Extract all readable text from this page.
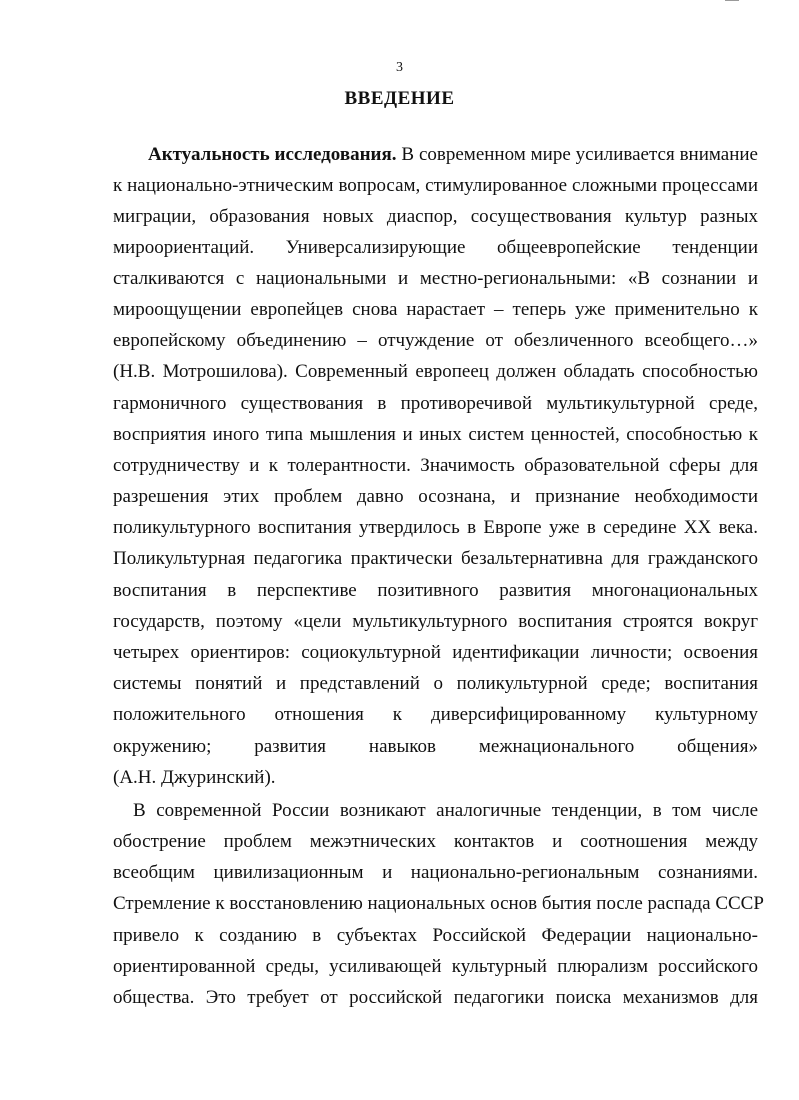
3
ВВЕДЕНИЕ
Актуальность исследования. В современном мире усиливается внимание
к национально-этническим вопросам, стимулированное сложными процессами
миграции, образования новых диаспор, сосуществования культур разных
мироориентаций. Универсализирующие общеевропейские тенденции
сталкиваются с национальными и местно-региональными: «В сознании и
мироощущении европейцев снова нарастает – теперь уже применительно к
европейскому объединению – отчуждение от обезличенного всеобщего…»
(Н.В. Мотрошилова). Современный европеец должен обладать способностью
гармоничного существования в противоречивой мультикультурной среде,
восприятия иного типа мышления и иных систем ценностей, способностью к
сотрудничеству и к толерантности. Значимость образовательной сферы для
разрешения этих проблем давно осознана, и признание необходимости
поликультурного воспитания утвердилось в Европе уже в середине XX века.
Поликультурная педагогика практически безальтернативна для гражданского
воспитания в перспективе позитивного развития многонациональных
государств, поэтому «цели мультикультурного воспитания строятся вокруг
четырех ориентиров: социокультурной идентификации личности; освоения
системы понятий и представлений о поликультурной среде; воспитания
положительного отношения к диверсифицированному культурному
окружению; развития навыков межнационального общения»
(А.Н. Джуринский).
В современной России возникают аналогичные тенденции, в том числе
обострение проблем межэтнических контактов и соотношения между
всеобщим цивилизационным и национально-региональным сознаниями.
Стремление к восстановлению национальных основ бытия после распада СССР
привело к созданию в субъектах Российской Федерации национально-
ориентированной среды, усиливающей культурный плюрализм российского
общества. Это требует от российской педагогики поиска механизмов для
